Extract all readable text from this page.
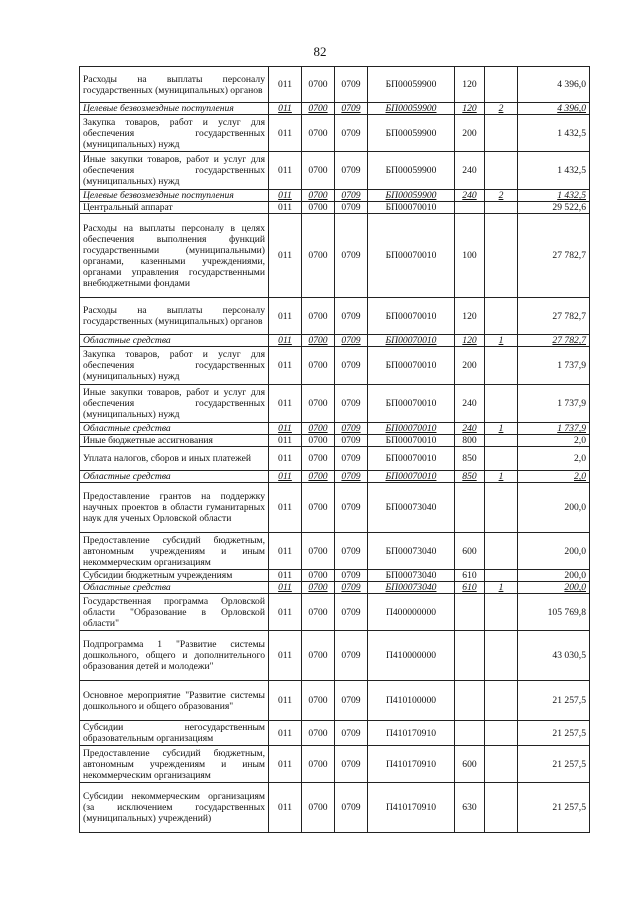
82
Расходы на выплаты персоналу государственных (муниципальных) органов	011	0700	0709	БП00059900	120		4 396,0
Целевые безвозмездные поступления	011	0700	0709	БП00059900	120	2	4 396,0
Закупка товаров, работ и услуг для обеспечения государственных (муниципальных) нужд	011	0700	0709	БП00059900	200		1 432,5
Иные закупки товаров, работ и услуг для обеспечения государственных (муниципальных) нужд	011	0700	0709	БП00059900	240		1 432,5
Целевые безвозмездные поступления	011	0700	0709	БП00059900	240	2	1 432,5
Центральный аппарат	011	0700	0709	БП00070010			29 522,6
Расходы на выплаты персоналу в целях обеспечения выполнения функций государственными (муниципальными) органами, казенными учреждениями, органами управления государственными внебюджетными фондами	011	0700	0709	БП00070010	100		27 782,7
Расходы на выплаты персоналу государственных (муниципальных) органов	011	0700	0709	БП00070010	120		27 782,7
Областные средства	011	0700	0709	БП00070010	120	1	27 782,7
Закупка товаров, работ и услуг для обеспечения государственных (муниципальных) нужд	011	0700	0709	БП00070010	200		1 737,9
Иные закупки товаров, работ и услуг для обеспечения государственных (муниципальных) нужд	011	0700	0709	БП00070010	240		1 737,9
Областные средства	011	0700	0709	БП00070010	240	1	1 737,9
Иные бюджетные ассигнования	011	0700	0709	БП00070010	800		2,0
Уплата налогов, сборов и иных платежей	011	0700	0709	БП00070010	850		2,0
Областные средства	011	0700	0709	БП00070010	850	1	2,0
Предоставление грантов на поддержку научных проектов в области гуманитарных наук для ученых Орловской области	011	0700	0709	БП00073040			200,0
Предоставление субсидий бюджетным, автономным учреждениям и иным некоммерческим организациям	011	0700	0709	БП00073040	600		200,0
Субсидии бюджетным учреждениям	011	0700	0709	БП00073040	610		200,0
Областные средства	011	0700	0709	БП00073040	610	1	200,0
Государственная программа Орловской области "Образование в Орловской области"	011	0700	0709	П400000000			105 769,8
Подпрограмма 1 "Развитие системы дошкольного, общего и дополнительного образования детей и молодежи"	011	0700	0709	П410000000			43 030,5
Основное мероприятие "Развитие системы дошкольного и общего образования"	011	0700	0709	П410100000			21 257,5
Субсидии негосударственным образовательным организациям	011	0700	0709	П410170910			21 257,5
Предоставление субсидий бюджетным, автономным учреждениям и иным некоммерческим организациям	011	0700	0709	П410170910	600		21 257,5
Субсидии некоммерческим организациям (за исключением государственных (муниципальных) учреждений)	011	0700	0709	П410170910	630		21 257,5
